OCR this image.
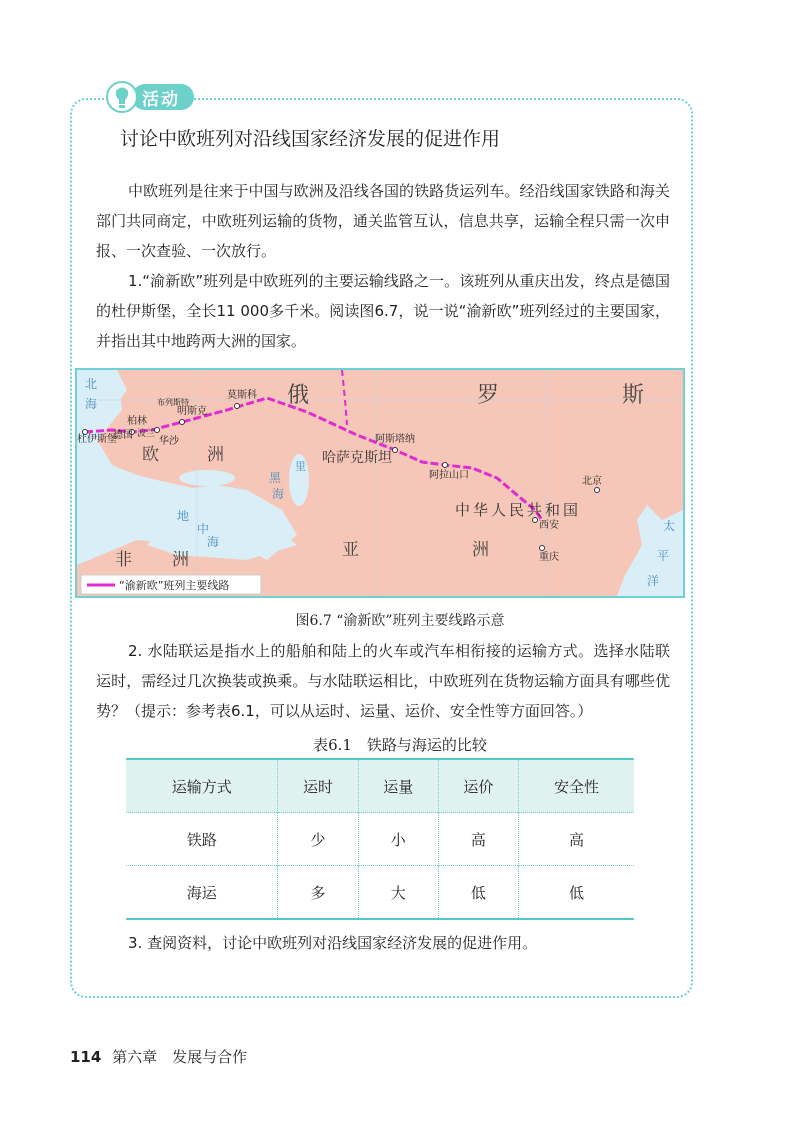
活动
讨论中欧班列对沿线国家经济发展的促进作用
中欧班列是往来于中国与欧洲及沿线各国的铁路货运列车。经沿线国家铁路和海关部门共同商定，中欧班列运输的货物，通关监管互认，信息共享，运输全程只需一次申报、一次查验、一次放行。
1.“渝新欧”班列是中欧班列的主要运输线路之一。该班列从重庆出发，终点是德国的杜伊斯堡，全长11 000多千米。阅读图6.7，说一说“渝新欧”班列经过的主要国家，并指出其中地跨两大洲的国家。
俄	罗	斯
欧	洲
非 洲	亚	洲
哈萨克斯坦
中华人民共和国
北
海
地
中
海
黑
海
里
太
平
洋
波兰
莫斯科
明斯克
柏林
华沙
德国
杜伊斯堡
布列斯特
阿斯塔纳
阿拉山口
北京
西安
重庆
“渝新欧”班列主要线路
图6.7 “渝新欧”班列主要线路示意
2. 水陆联运是指水上的船舶和陆上的火车或汽车相衔接的运输方式。选择水陆联运时，需经过几次换装或换乘。与水陆联运相比，中欧班列在货物运输方面具有哪些优势？（提示：参考表6.1，可以从运时、运量、运价、安全性等方面回答。）
表6.1　铁路与海运的比较
运输方式	运时	运量	运价	安全性
铁路	少	小	高	高
海运	多	大	低	低
3. 查阅资料，讨论中欧班列对沿线国家经济发展的促进作用。
114 第六章　发展与合作
